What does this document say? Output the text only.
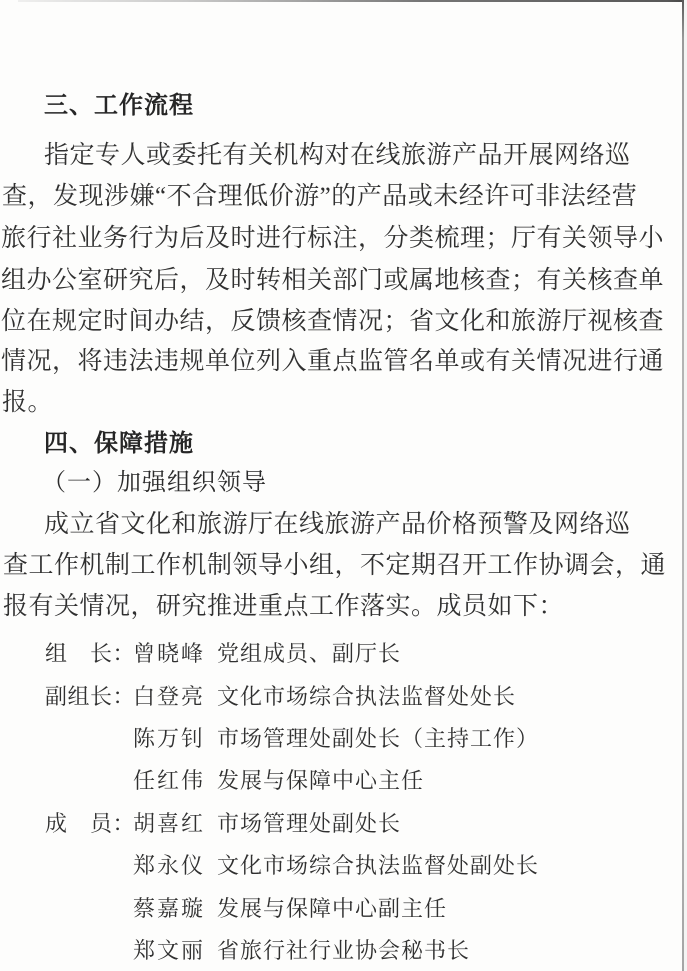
三、工作流程
指定专人或委托有关机构对在线旅游产品开展网络巡
查，发现涉嫌“不合理低价游”的产品或未经许可非法经营
旅行社业务行为后及时进行标注，分类梳理；厅有关领导小
组办公室研究后，及时转相关部门或属地核查；有关核查单
位在规定时间办结，反馈核查情况；省文化和旅游厅视核查
情况，将违法违规单位列入重点监管名单或有关情况进行通
报。
四、保障措施
（一）加强组织领导
成立省文化和旅游厅在线旅游产品价格预警及网络巡
查工作机制工作机制领导小组，不定期召开工作协调会，通
报有关情况，研究推进重点工作落实。成员如下：
组　长：
曾晓峰 党组成员、副厅长
副组长：
白登亮 文化市场综合执法监督处处长
陈万钊 市场管理处副处长（主持工作）
任红伟 发展与保障中心主任
成　员：
胡喜红 市场管理处副处长
郑永仪 文化市场综合执法监督处副处长
蔡嘉璇 发展与保障中心副主任
郑文丽 省旅行社行业协会秘书长
